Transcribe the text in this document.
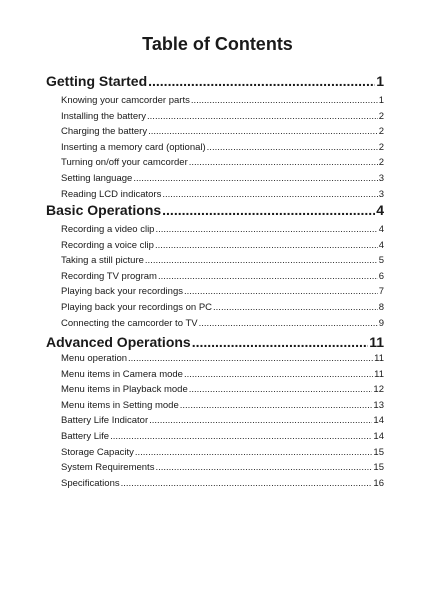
Table of Contents
Getting Started .....	1
Knowing your camcorder parts .....	1
Installing the battery .....	2
Charging the battery .....	2
Inserting a memory card (optional) .....	2
Turning on/off your camcorder .....	2
Setting language .....	3
Reading LCD indicators .....	3
Basic Operations .....	4
Recording a video clip .....	4
Recording a voice clip .....	4
Taking a still picture .....	5
Recording TV program .....	6
Playing back your recordings .....	7
Playing back your recordings on PC .....	8
Connecting the camcorder to TV .....	9
Advanced Operations .....	11
Menu operation .....	11
Menu items in Camera mode .....	11
Menu items in Playback mode .....	12
Menu items in Setting mode .....	13
Battery Life Indicator .....	14
Battery Life .....	14
Storage Capacity .....	15
System Requirements .....	15
Specifications .....	16
